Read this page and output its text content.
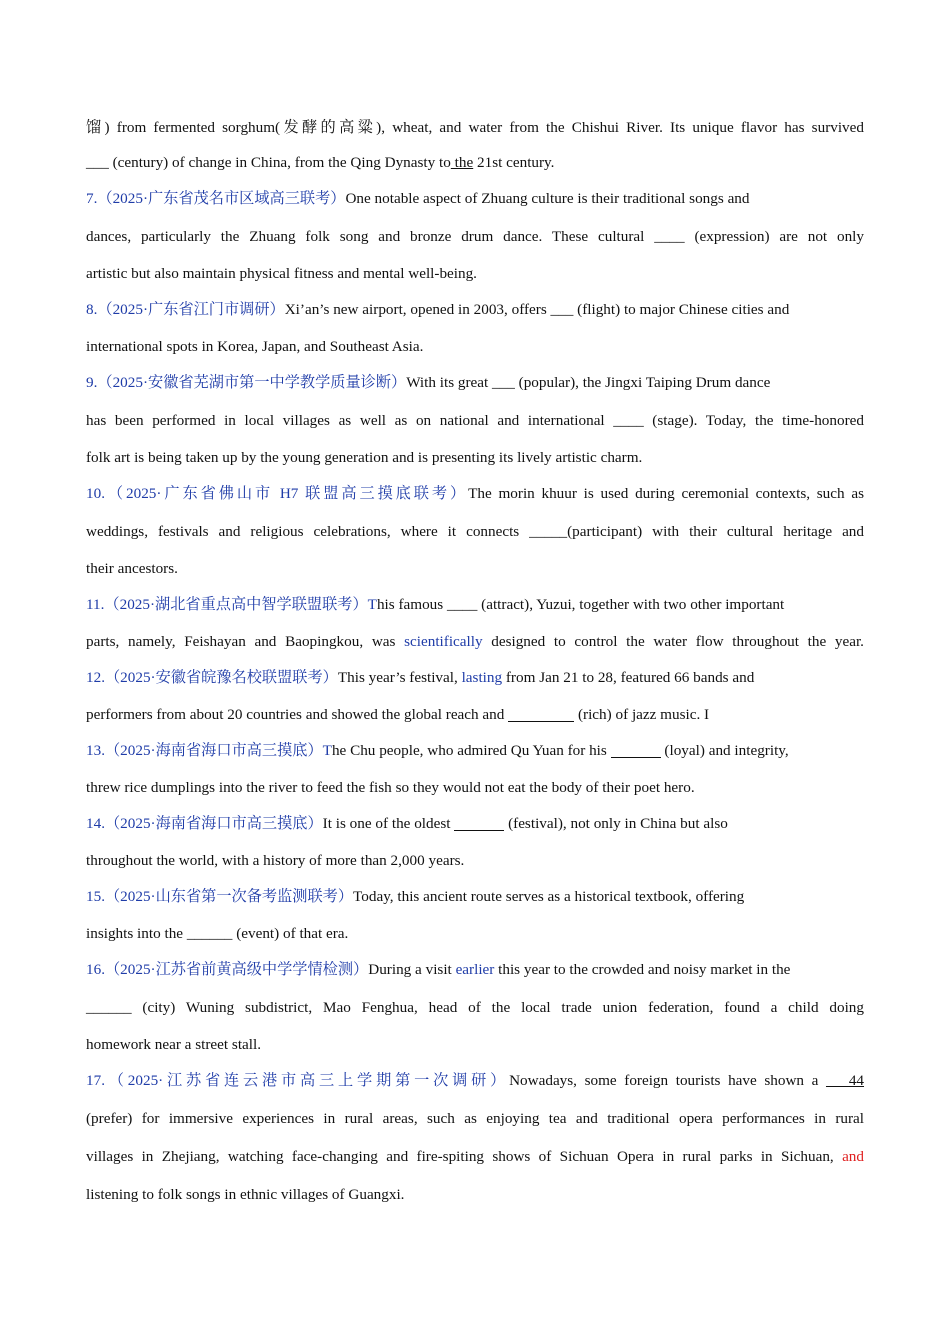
馏) from fermented sorghum(发酵的高粱), wheat, and water from the Chishui River. Its unique flavor has survived
___ (century) of change in China, from the Qing Dynasty to the 21st century.
7.（2025·广东省茂名市区域高三联考）One notable aspect of Zhuang culture is their traditional songs and
dances, particularly the Zhuang folk song and bronze drum dance. These cultural ____ (expression) are not only
artistic but also maintain physical fitness and mental well-being.
8.（2025·广东省江门市调研）Xi’an’s new airport, opened in 2003, offers ___ (flight) to major Chinese cities and
international spots in Korea, Japan, and Southeast Asia.
9.（2025·安徽省芜湖市第一中学教学质量诊断）With its great ___ (popular), the Jingxi Taiping Drum dance
has been performed in local villages as well as on national and international ____ (stage). Today, the time-honored
folk art is being taken up by the young generation and is presenting its lively artistic charm.
10.（2025·广东省佛山市 H7 联盟高三摸底联考）The morin khuur is used during ceremonial contexts, such as
weddings, festivals and religious celebrations, where it connects _____(participant) with their cultural heritage and
their ancestors.
11.（2025·湖北省重点高中智学联盟联考）This famous ____ (attract), Yuzui, together with two other important
parts, namely, Feishayan and Baopingkou, was scientifically designed to control the water flow throughout the year.
12.（2025·安徽省皖豫名校联盟联考）This year’s festival, lasting from Jan 21 to 28, featured 66 bands and
performers from about 20 countries and showed the global reach and	(rich) of jazz music. I
13.（2025·海南省海口市高三摸底）The Chu people, who admired Qu Yuan for his	(loyal) and integrity,
threw rice dumplings into the river to feed the fish so they would not eat the body of their poet hero.
14.（2025·海南省海口市高三摸底）It is one of the oldest	(festival), not only in China but also
throughout the world, with a history of more than 2,000 years.
15.（2025·山东省第一次备考监测联考）Today, this ancient route serves as a historical textbook, offering
insights into the ______ (event) of that era.
16.（2025·江苏省前黄高级中学学情检测）During a visit earlier this year to the crowded and noisy market in the
______ (city) Wuning subdistrict, Mao Fenghua, head of the local trade union federation, found a child doing
homework near a street stall.
17.（2025·江苏省连云港市高三上学期第一次调研）Nowadays, some foreign tourists have shown a    44
(prefer) for immersive experiences in rural areas, such as enjoying tea and traditional opera performances in rural
villages in Zhejiang, watching face-changing and fire-spiting shows of Sichuan Opera in rural parks in Sichuan, and
listening to folk songs in ethnic villages of Guangxi.
